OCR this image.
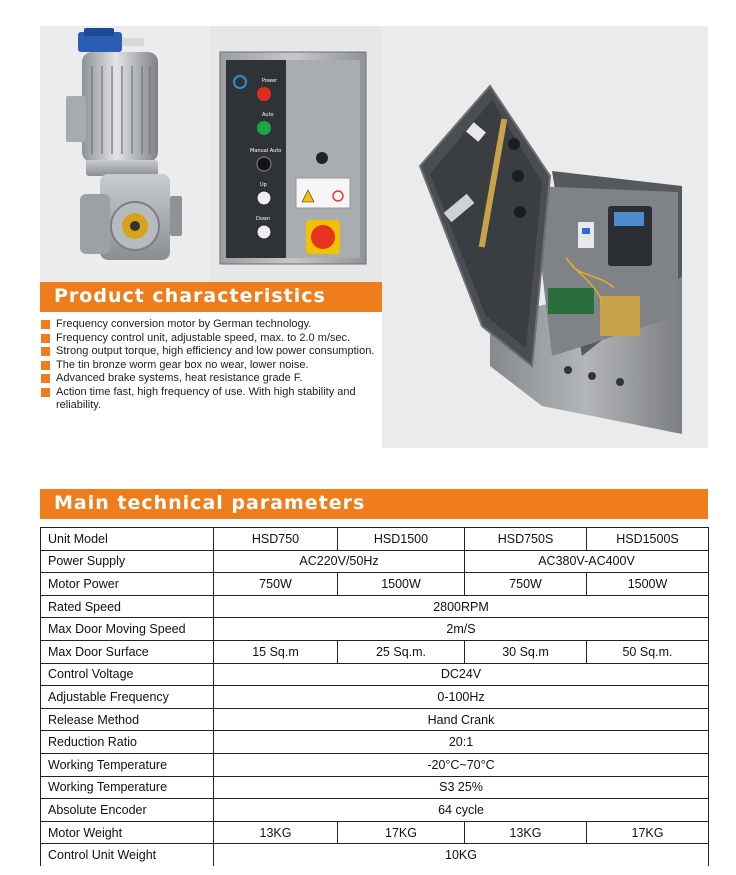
Power
Auto
Manual Auto
Up
Down
Product characteristics
Frequency conversion motor by German technology.
Frequency control unit, adjustable speed, max. to 2.0 m/sec.
Strong output torque, high efficiency and low power consumption.
The tin bronze worm gear box no wear, lower noise.
Advanced brake systems, heat resistance grade F.
Action time fast, high frequency of use. With high stability and reliability.
Main technical parameters
Unit Model	HSD750	HSD1500	HSD750S	HSD1500S
Power Supply	AC220V/50Hz		AC380V-AC400V	
Motor Power	750W	1500W	750W	1500W
Rated Speed	2800RPM			
Max Door Moving Speed	2m/S			
Max Door Surface	15 Sq.m	25 Sq.m.	30 Sq.m	50 Sq.m.
Control Voltage	DC24V			
Adjustable Frequency	0-100Hz			
Release Method	Hand Crank			
Reduction Ratio	20:1			
Working Temperature	-20°C~70°C			
Working Temperature	S3 25%			
Absolute Encoder	64 cycle			
Motor Weight	13KG	17KG	13KG	17KG
Control Unit Weight	10KG			
